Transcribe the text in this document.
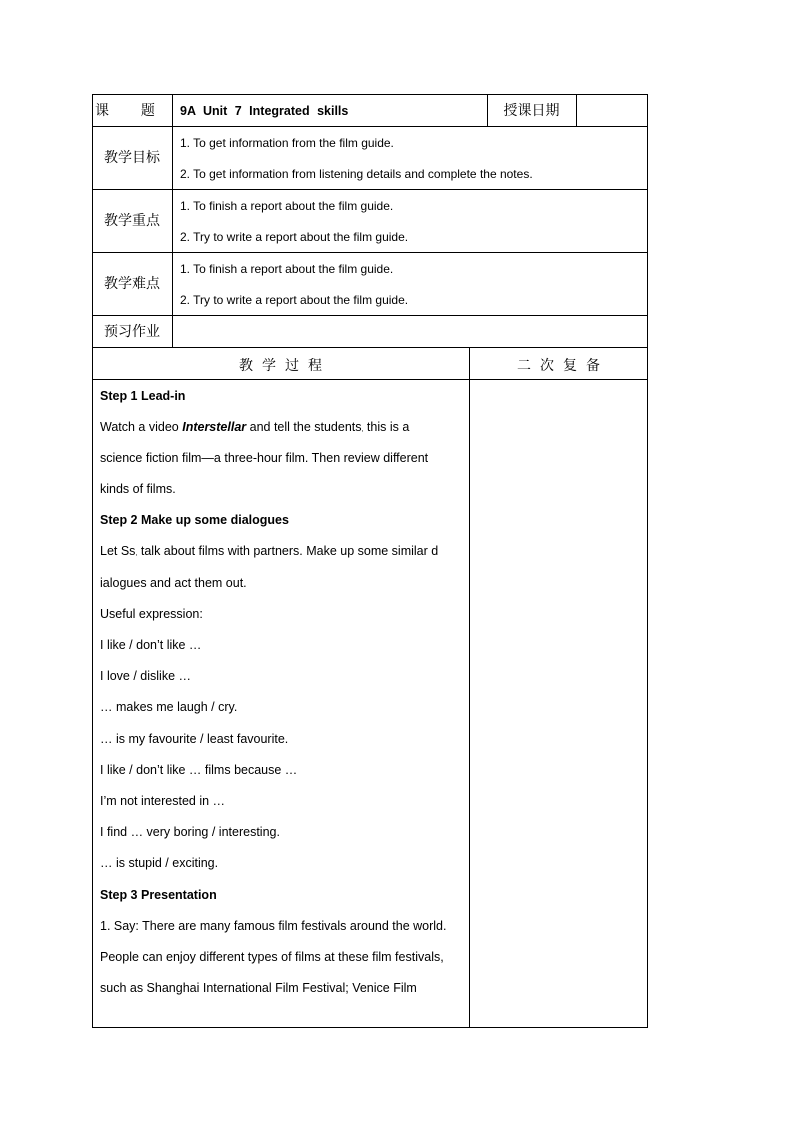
课 题 9A Unit 7 Integrated skills	授课日期
教学目标
1. To get information from the film guide.
2. To get information from listening details and complete the notes.
教学重点
1. To finish a report about the film guide.
2. Try to write a report about the film guide.
教学难点
1. To finish a report about the film guide.
2. Try to write a report about the film guide.
预习作业
教学过程	二次复备
Step 1 Lead-in
Watch a video Interstellar and tell the students, this is a
science fiction film—a three-hour film. Then review different
kinds of films.
Step 2 Make up some dialogues
Let Ss, talk about films with partners. Make up some similar d
ialogues and act them out.
Useful expression:
I like / don’t like …
I love / dislike …
… makes me laugh / cry.
… is my favourite / least favourite.
I like / don’t like … films because …
I’m not interested in …
I find … very boring / interesting.
… is stupid / exciting.
Step 3 Presentation
1. Say: There are many famous film festivals around the world.
People can enjoy different types of films at these film festivals,
such as Shanghai International Film Festival; Venice Film
